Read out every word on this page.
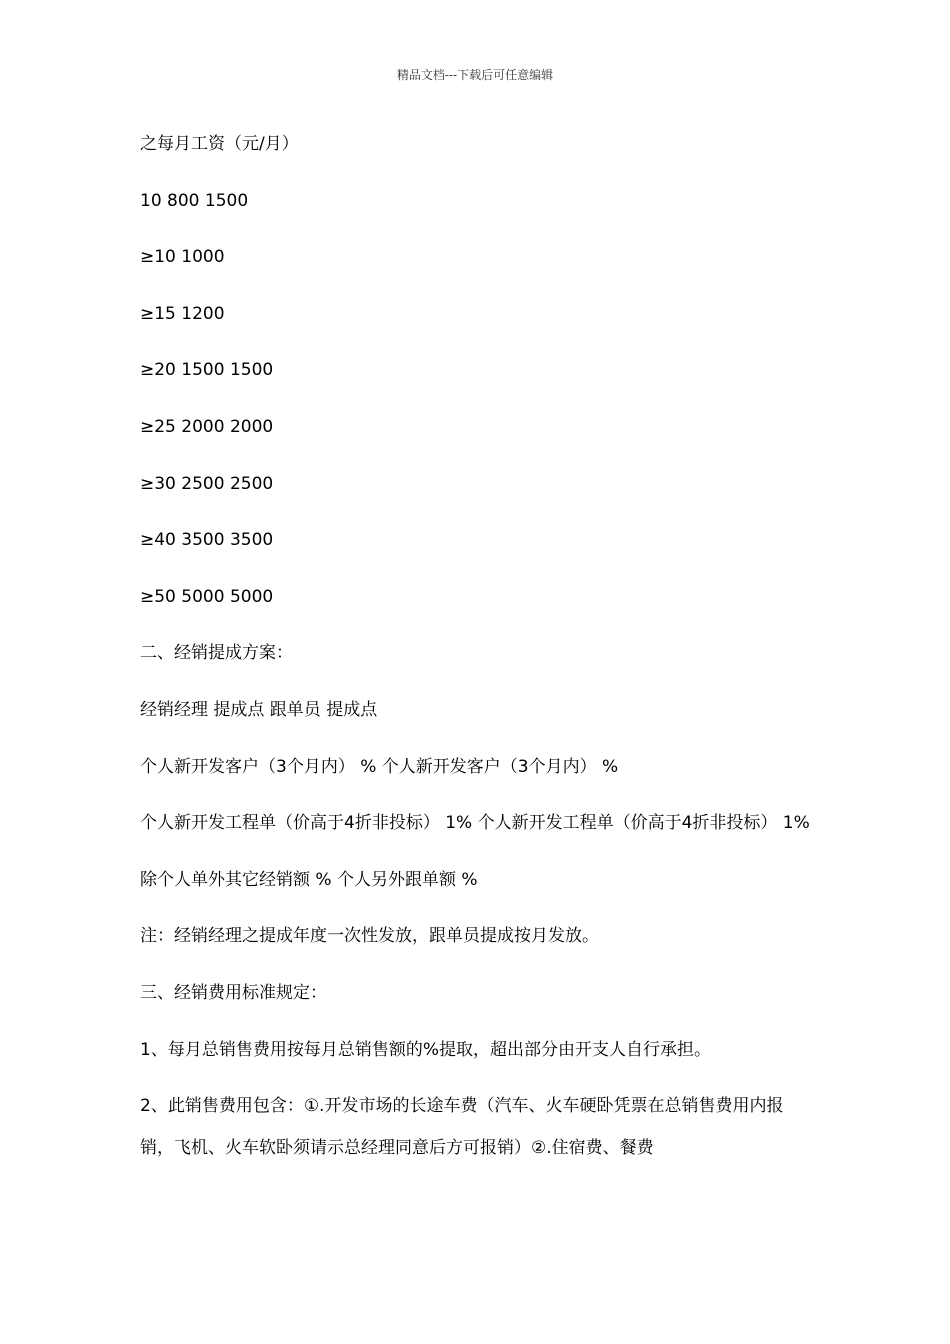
精品文档---下载后可任意编辑

之每月工资（元/月）

10 800 1500

≥10 1000

≥15 1200

≥20 1500 1500

≥25 2000 2000

≥30 2500 2500

≥40 3500 3500

≥50 5000 5000

二、经销提成方案：

经销经理 提成点 跟单员 提成点

个人新开发客户（3个月内） % 个人新开发客户（3个月内） %

个人新开发工程单（价高于4折非投标） 1% 个人新开发工程单（价高于4折非投标） 1%

除个人单外其它经销额 % 个人另外跟单额 %

注：经销经理之提成年度一次性发放，跟单员提成按月发放。

三、经销费用标准规定：

1、每月总销售费用按每月总销售额的%提取，超出部分由开支人自行承担。

2、此销售费用包含：①.开发市场的长途车费（汽车、火车硬卧凭票在总销售费用内报销，飞机、火车软卧须请示总经理同意后方可报销）②.住宿费、餐费
